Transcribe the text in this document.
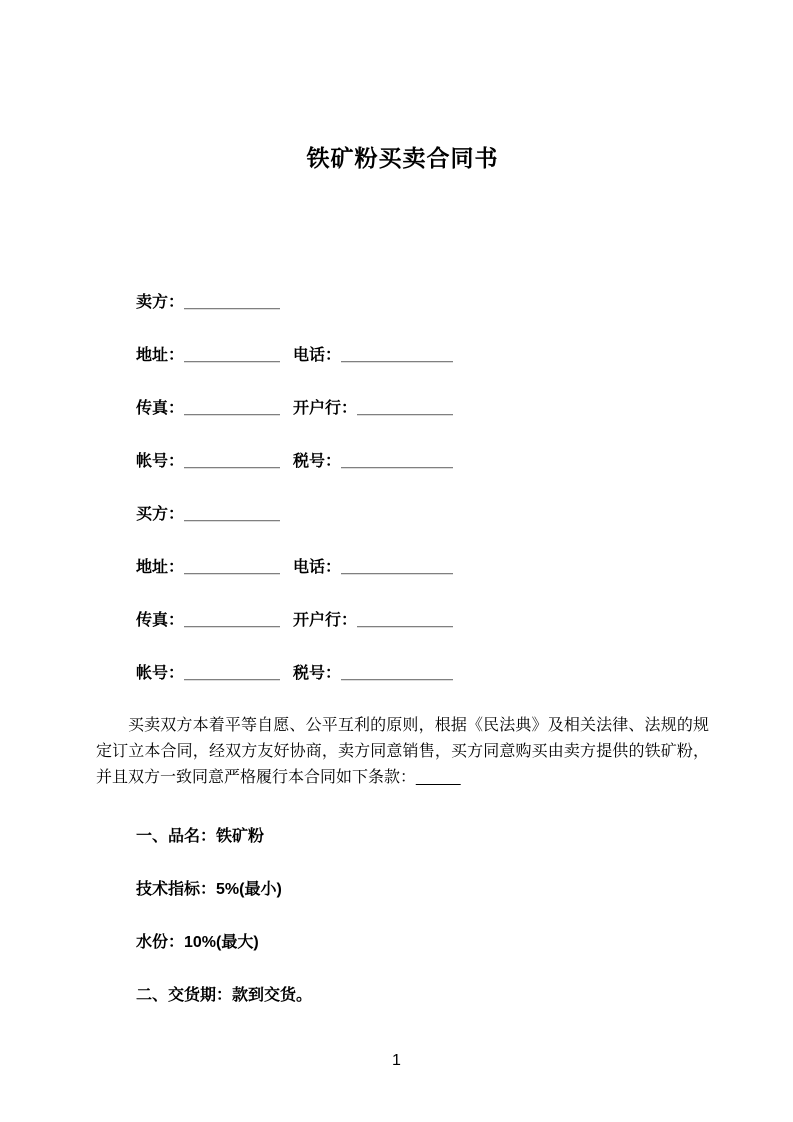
铁矿粉买卖合同书
卖方：＿＿＿＿＿＿
地址：＿＿＿＿＿＿ 电话：＿＿＿＿＿＿＿
传真：＿＿＿＿＿＿ 开户行：＿＿＿＿＿＿
帐号：＿＿＿＿＿＿ 税号：＿＿＿＿＿＿＿
买方：＿＿＿＿＿＿
地址：＿＿＿＿＿＿ 电话：＿＿＿＿＿＿＿
传真：＿＿＿＿＿＿ 开户行：＿＿＿＿＿＿
帐号：＿＿＿＿＿＿ 税号：＿＿＿＿＿＿＿

买卖双方本着平等自愿、公平互利的原则，根据《民法典》及相关法律、法规的规定订立本合同，经双方友好协商，卖方同意销售，买方同意购买由卖方提供的铁矿粉，并且双方一致同意严格履行本合同如下条款：_____

一、品名：铁矿粉

技术指标：5%(最小)

水份：10%(最大)

二、交货期：款到交货。

1
